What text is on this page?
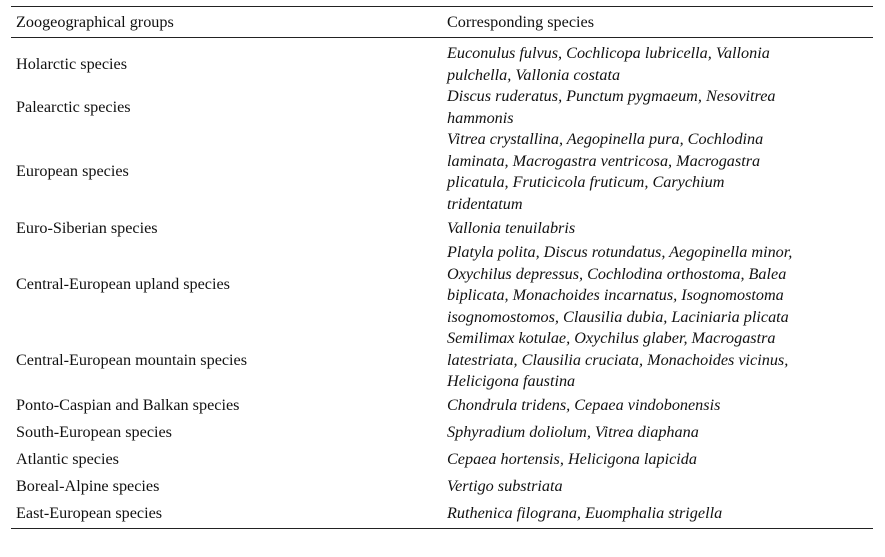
Zoogeographical groups	Corresponding species
Holarctic species	Euconulus fulvus, Cochlicopa lubricella, Vallonia
pulchella, Vallonia costata
Palearctic species	Discus ruderatus, Punctum pygmaeum, Nesovitrea
hammonis
European species	Vitrea crystallina, Aegopinella pura, Cochlodina
laminata, Macrogastra ventricosa, Macrogastra
plicatula, Fruticicola fruticum, Carychium
tridentatum
Euro-Siberian species	Vallonia tenuilabris
Central-European upland species	Platyla polita, Discus rotundatus, Aegopinella minor,
Oxychilus depressus, Cochlodina orthostoma, Balea
biplicata, Monachoides incarnatus, Isognomostoma
isognomostomos, Clausilia dubia, Laciniaria plicata
Central-European mountain species	Semilimax kotulae, Oxychilus glaber, Macrogastra
latestriata, Clausilia cruciata, Monachoides vicinus,
Helicigona faustina
Ponto-Caspian and Balkan species	Chondrula tridens, Cepaea vindobonensis
South-European species	Sphyradium doliolum, Vitrea diaphana
Atlantic species	Cepaea hortensis, Helicigona lapicida
Boreal-Alpine species	Vertigo substriata
East-European species	Ruthenica filograna, Euomphalia strigella
